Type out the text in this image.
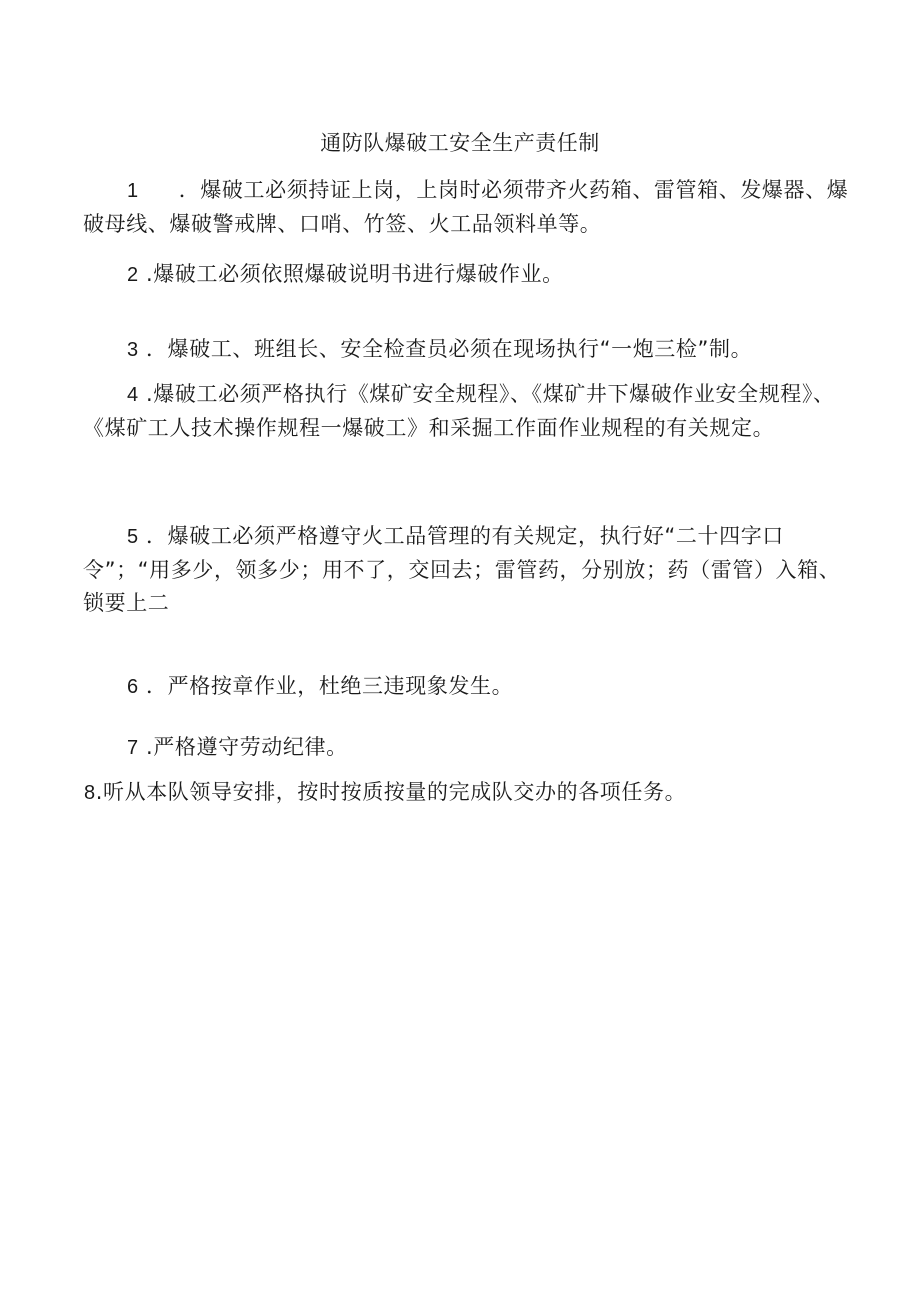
通防队爆破工安全生产责任制
1 ．爆破工必须持证上岗，上岗时必须带齐火药箱、雷管箱、发爆器、爆破母线、爆破警戒牌、口哨、竹签、火工品领料单等。
2 .爆破工必须依照爆破说明书进行爆破作业。
3 ．爆破工、班组长、安全检查员必须在现场执行“一炮三检”制。
4 .爆破工必须严格执行《煤矿安全规程》、《煤矿井下爆破作业安全规程》、《煤矿工人技术操作规程一爆破工》和采掘工作面作业规程的有关规定。
5 ．爆破工必须严格遵守火工品管理的有关规定，执行好“二十四字口令”；“用多少，领多少；用不了，交回去；雷管药，分别放；药（雷管）入箱、锁要上二
6 ．严格按章作业，杜绝三违现象发生。
7 .严格遵守劳动纪律。
8.听从本队领导安排，按时按质按量的完成队交办的各项任务。
